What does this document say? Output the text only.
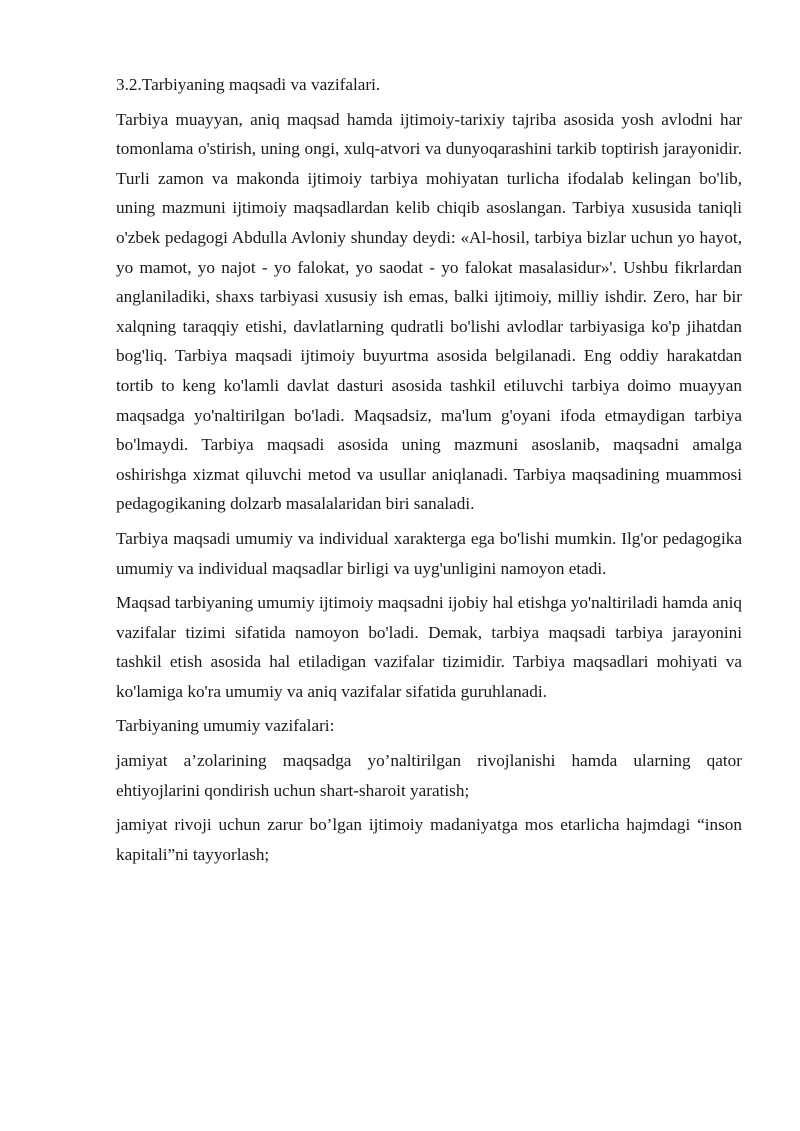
3.2.Tarbiyaning maqsadi va vazifalari.

Tarbiya muayyan, aniq maqsad hamda ijtimoiy-tarixiy tajriba asosida yosh avlodni har tomonlama o'stirish, uning ongi, xulq-atvori va dunyoqarashini tarkib toptirish jarayonidir. Turli zamon va makonda ijtimoiy tarbiya mohiyatan turlicha ifodalab kelingan bo'lib, uning mazmuni ijtimoiy maqsadlardan kelib chiqib asoslangan. Tarbiya xususida taniqli o'zbek pedagogi Abdulla Avloniy shunday deydi: «Al-hosil, tarbiya bizlar uchun yo hayot, yo mamot, yo najot - yo falokat, yo saodat - yo falokat masalasidur»'. Ushbu fikrlardan anglaniladiki, shaxs tarbiyasi xususiy ish emas, balki ijtimoiy, milliy ishdir. Zero, har bir xalqning taraqqiy etishi, davlatlarning qudratli bo'lishi avlodlar tarbiyasiga ko'p jihatdan bog'liq. Tarbiya maqsadi ijtimoiy buyurtma asosida belgilanadi. Eng oddiy harakatdan tortib to keng ko'lamli davlat dasturi asosida tashkil etiluvchi tarbiya doimo muayyan maqsadga yo'naltirilgan bo'ladi. Maqsadsiz, ma'lum g'oyani ifoda etmaydigan tarbiya bo'lmaydi. Tarbiya maqsadi asosida uning mazmuni asoslanib, maqsadni amalga oshirishga xizmat qiluvchi metod va usullar aniqlanadi. Tarbiya maqsadining muammosi pedagogikaning dolzarb masalalaridan biri sanaladi.

Tarbiya maqsadi umumiy va individual xarakterga ega bo'lishi mumkin. Ilg'or pedagogika umumiy va individual maqsadlar birligi va uyg'unligini namoyon etadi.

Maqsad tarbiyaning umumiy ijtimoiy maqsadni ijobiy hal etishga yo'naltiriladi hamda aniq vazifalar tizimi sifatida namoyon bo'ladi. Demak, tarbiya maqsadi tarbiya jarayonini tashkil etish asosida hal etiladigan vazifalar tizimidir. Tarbiya maqsadlari mohiyati va ko'lamiga ko'ra umumiy va aniq vazifalar sifatida guruhlanadi.

Tarbiyaning umumiy vazifalari:

jamiyat a’zolarining maqsadga yo’naltirilgan rivojlanishi hamda ularning qator ehtiyojlarini qondirish uchun shart-sharoit yaratish;

jamiyat rivoji uchun zarur bo’lgan ijtimoiy madaniyatga mos etarlicha hajmdagi “inson kapitali”ni tayyorlash;
